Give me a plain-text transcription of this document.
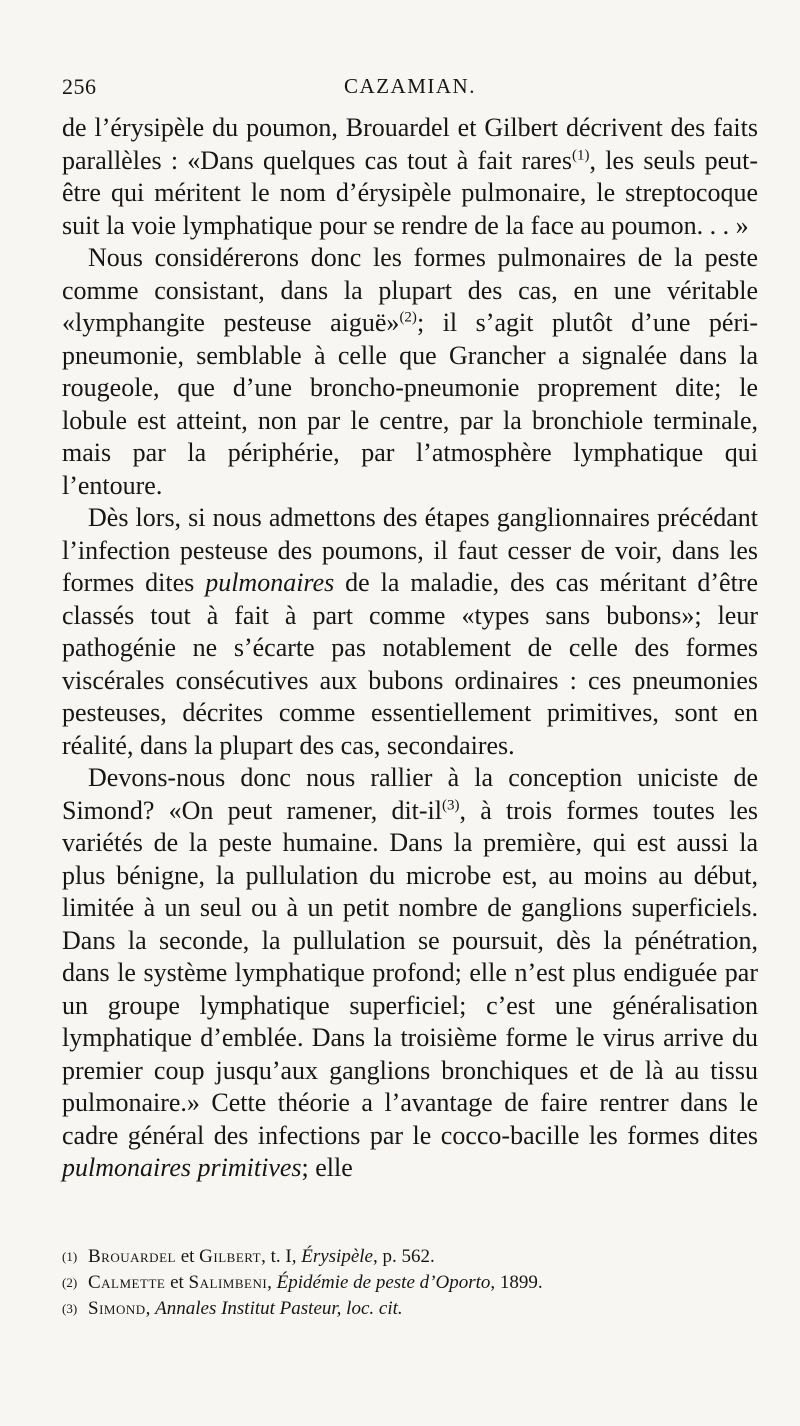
256	CAZAMIAN.

de l’érysipèle du poumon, Brouardel et Gilbert décrivent des faits parallèles : «Dans quelques cas tout à fait rares$^{(1)}$, les seuls peut-être qui méritent le nom d’érysipèle pulmonaire, le streptocoque suit la voie lymphatique pour se rendre de la face au poumon. . . »

Nous considérerons donc les formes pulmonaires de la peste comme consistant, dans la plupart des cas, en une véritable «lymphangite pesteuse aiguë»$^{(2)}$; il s’agit plutôt d’une péri-pneumonie, semblable à celle que Grancher a signalée dans la rougeole, que d’une broncho-pneumonie proprement dite; le lobule est atteint, non par le centre, par la bronchiole terminale, mais par la périphérie, par l’atmosphère lymphatique qui l’entoure.

Dès lors, si nous admettons des étapes ganglionnaires précédant l’infection pesteuse des poumons, il faut cesser de voir, dans les formes dites pulmonaires de la maladie, des cas méritant d’être classés tout à fait à part comme «types sans bubons»; leur pathogénie ne s’écarte pas notablement de celle des formes viscérales consécutives aux bubons ordinaires : ces pneumonies pesteuses, décrites comme essentiellement primitives, sont en réalité, dans la plupart des cas, secondaires.

Devons-nous donc nous rallier à la conception uniciste de Simond? «On peut ramener, dit-$il^{(3)}$, à trois formes toutes les variétés de la peste humaine. Dans la première, qui est aussi la plus bénigne, la pullulation du microbe est, au moins au début, limitée à un seul ou à un petit nombre de ganglions superficiels. Dans la seconde, la pullulation se poursuit, dès la pénétration, dans le système lymphatique profond; elle n’est plus endiguée par un groupe lymphatique superficiel; c’est une généralisation lymphatique d’emblée. Dans la troisième forme le virus arrive du premier coup jusqu’aux ganglions bronchiques et de là au tissu pulmonaire.» Cette théorie a l’avantage de faire rentrer dans le cadre général des infections par le cocco-bacille les formes dites pulmonaires primitives; elle

(1) Brouardel et Gilbert, t. I, Érysipèle, p. 562.
(2) Calmette et Salimbeni, Épidémie de peste d’Oporto, 1899.
(3) Simond, Annales Institut Pasteur, loc. cit.
